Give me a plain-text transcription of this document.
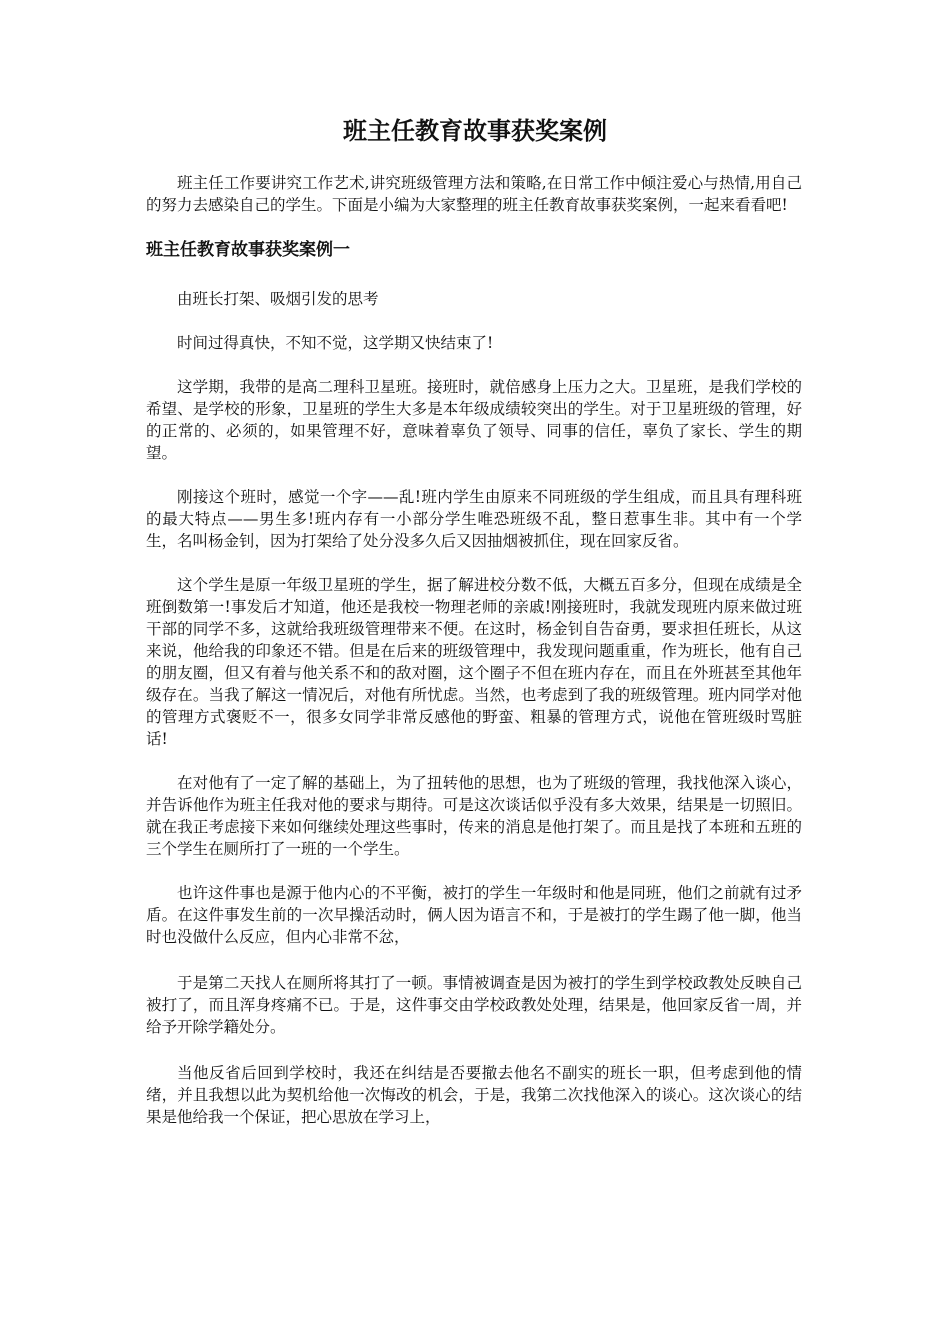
班主任教育故事获奖案例

班主任工作要讲究工作艺术,讲究班级管理方法和策略,在日常工作中倾注爱心与热情,用自己的努力去感染自己的学生。下面是小编为大家整理的班主任教育故事获奖案例，一起来看看吧!

班主任教育故事获奖案例一

由班长打架、吸烟引发的思考

时间过得真快，不知不觉，这学期又快结束了!

这学期，我带的是高二理科卫星班。接班时，就倍感身上压力之大。卫星班，是我们学校的希望、是学校的形象，卫星班的学生大多是本年级成绩较突出的学生。对于卫星班级的管理，好的正常的、必须的，如果管理不好，意味着辜负了领导、同事的信任，辜负了家长、学生的期望。

刚接这个班时，感觉一个字——乱!班内学生由原来不同班级的学生组成，而且具有理科班的最大特点——男生多!班内存有一小部分学生唯恐班级不乱，整日惹事生非。其中有一个学生，名叫杨金钊，因为打架给了处分没多久后又因抽烟被抓住，现在回家反省。

这个学生是原一年级卫星班的学生，据了解进校分数不低，大概五百多分，但现在成绩是全班倒数第一!事发后才知道，他还是我校一物理老师的亲戚!刚接班时，我就发现班内原来做过班干部的同学不多，这就给我班级管理带来不便。在这时，杨金钊自告奋勇，要求担任班长，从这来说，他给我的印象还不错。但是在后来的班级管理中，我发现问题重重，作为班长，他有自己的朋友圈，但又有着与他关系不和的敌对圈，这个圈子不但在班内存在，而且在外班甚至其他年级存在。当我了解这一情况后，对他有所忧虑。当然，也考虑到了我的班级管理。班内同学对他的管理方式褒贬不一，很多女同学非常反感他的野蛮、粗暴的管理方式，说他在管班级时骂脏话!

在对他有了一定了解的基础上，为了扭转他的思想，也为了班级的管理，我找他深入谈心，并告诉他作为班主任我对他的要求与期待。可是这次谈话似乎没有多大效果，结果是一切照旧。就在我正考虑接下来如何继续处理这些事时，传来的消息是他打架了。而且是找了本班和五班的三个学生在厕所打了一班的一个学生。

也许这件事也是源于他内心的不平衡，被打的学生一年级时和他是同班，他们之前就有过矛盾。在这件事发生前的一次早操活动时，俩人因为语言不和，于是被打的学生踢了他一脚，他当时也没做什么反应，但内心非常不忿，

于是第二天找人在厕所将其打了一顿。事情被调查是因为被打的学生到学校政教处反映自己被打了，而且浑身疼痛不已。于是，这件事交由学校政教处处理，结果是，他回家反省一周，并给予开除学籍处分。

当他反省后回到学校时，我还在纠结是否要撤去他名不副实的班长一职，但考虑到他的情绪，并且我想以此为契机给他一次悔改的机会，于是，我第二次找他深入的谈心。这次谈心的结果是他给我一个保证，把心思放在学习上，
